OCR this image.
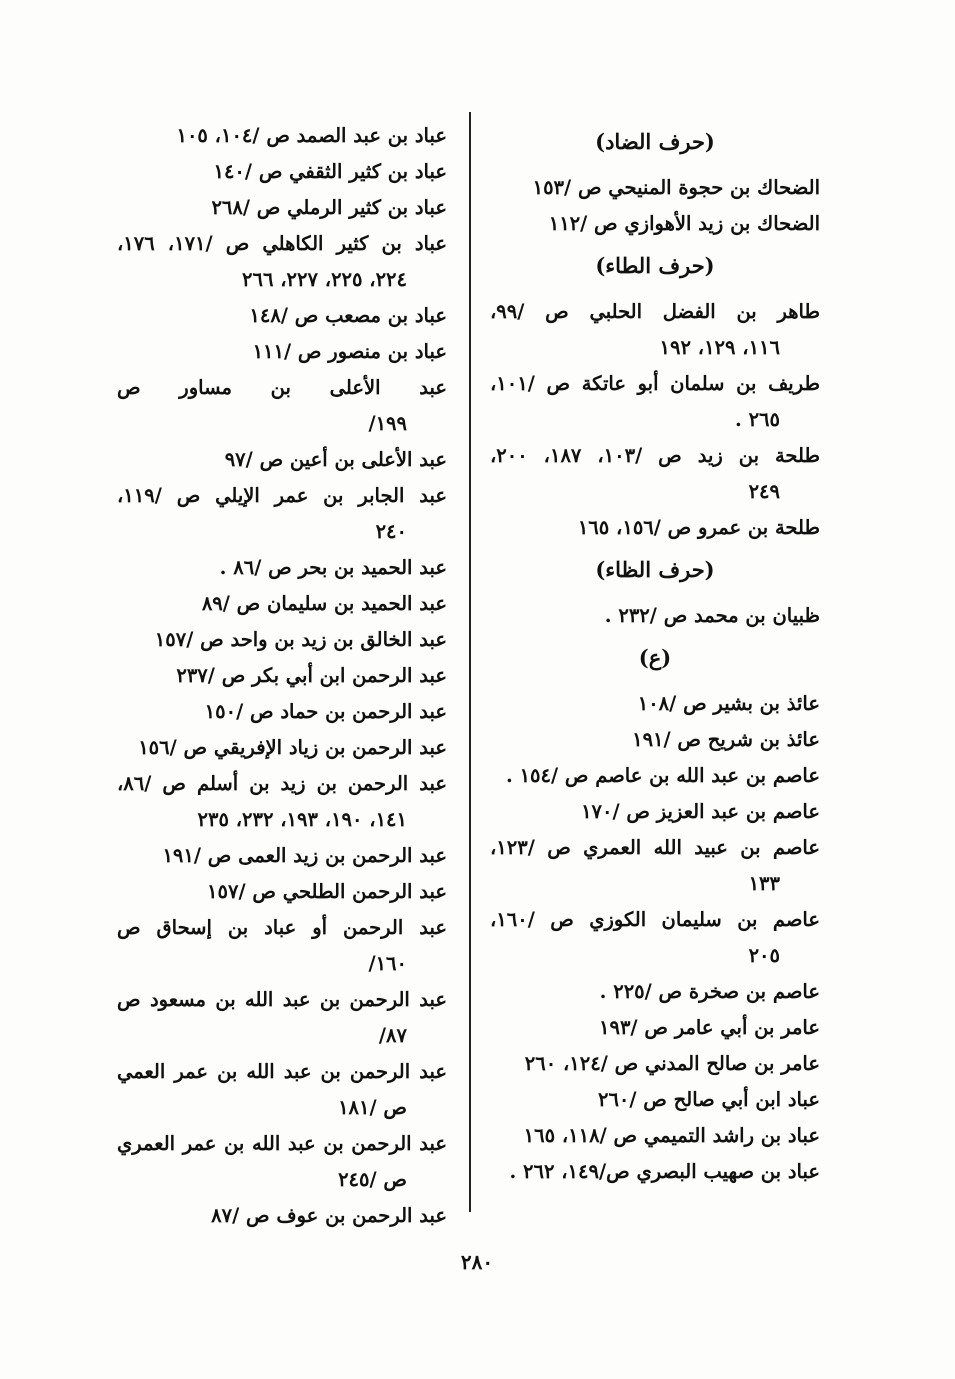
(حرف الضاد)
الضحاك بن حجوة المنيحي ص /١٥٣
الضحاك بن زيد الأهوازي ص /١١٢
(حرف الطاء)
طاهر بن الفضل الحلبي ص /٩٩،
١١٦، ١٢٩، ١٩٢
طريف بن سلمان أبو عاتكة ص /١٠١،
٢٦٥ .
طلحة بن زيد ص /١٠٣، ١٨٧، ٢٠٠،
٢٤٩
طلحة بن عمرو ص /١٥٦، ١٦٥
(حرف الظاء)
ظبيان بن محمد ص /٢٣٢ .
(ع)
عائذ بن بشير ص /١٠٨
عائذ بن شريح ص /١٩١
عاصم بن عبد الله بن عاصم ص /١٥٤ .
عاصم بن عبد العزيز ص /١٧٠
عاصم بن عبيد الله العمري ص /١٢٣،
١٣٣
عاصم بن سليمان الكوزي ص /١٦٠،
٢٠٥
عاصم بن صخرة ص /٢٢٥ .
عامر بن أبي عامر ص /١٩٣
عامر بن صالح المدني ص /١٢٤، ٢٦٠
عباد ابن أبي صالح ص /٢٦٠
عباد بن راشد التميمي ص /١١٨، ١٦٥
عباد بن صهيب البصري ص/١٤٩، ٢٦٢ .
عباد بن عبد الصمد ص /١٠٤، ١٠٥
عباد بن كثير الثقفي ص /١٤٠
عباد بن كثير الرملي ص /٢٦٨
عباد بن كثير الكاهلي ص /١٧١، ١٧٦،
٢٢٤، ٢٢٥، ٢٢٧، ٢٦٦
عباد بن مصعب ص /١٤٨
عباد بن منصور ص /١١١
عبد الأعلى بن مساور ص
١٩٩/
عبد الأعلى بن أعين ص /٩٧
عبد الجابر بن عمر الإيلي ص /١١٩،
٢٤٠
عبد الحميد بن بحر ص /٨٦ .
عبد الحميد بن سليمان ص /٨٩
عبد الخالق بن زيد بن واحد ص /١٥٧
عبد الرحمن ابن أبي بكر ص /٢٣٧
عبد الرحمن بن حماد ص /١٥٠
عبد الرحمن بن زياد الإفريقي ص /١٥٦
عبد الرحمن بن زيد بن أسلم ص /٨٦،
١٤١، ١٩٠، ١٩٣، ٢٣٢، ٢٣٥
عبد الرحمن بن زيد العمى ص /١٩١
عبد الرحمن الطلحي ص /١٥٧
عبد الرحمن أو عباد بن إسحاق ص
١٦٠/
عبد الرحمن بن عبد الله بن مسعود ص
٨٧/
عبد الرحمن بن عبد الله بن عمر العمي
ص /١٨١
عبد الرحمن بن عبد الله بن عمر العمري
ص /٢٤٥
عبد الرحمن بن عوف ص /٨٧
٢٨٠
